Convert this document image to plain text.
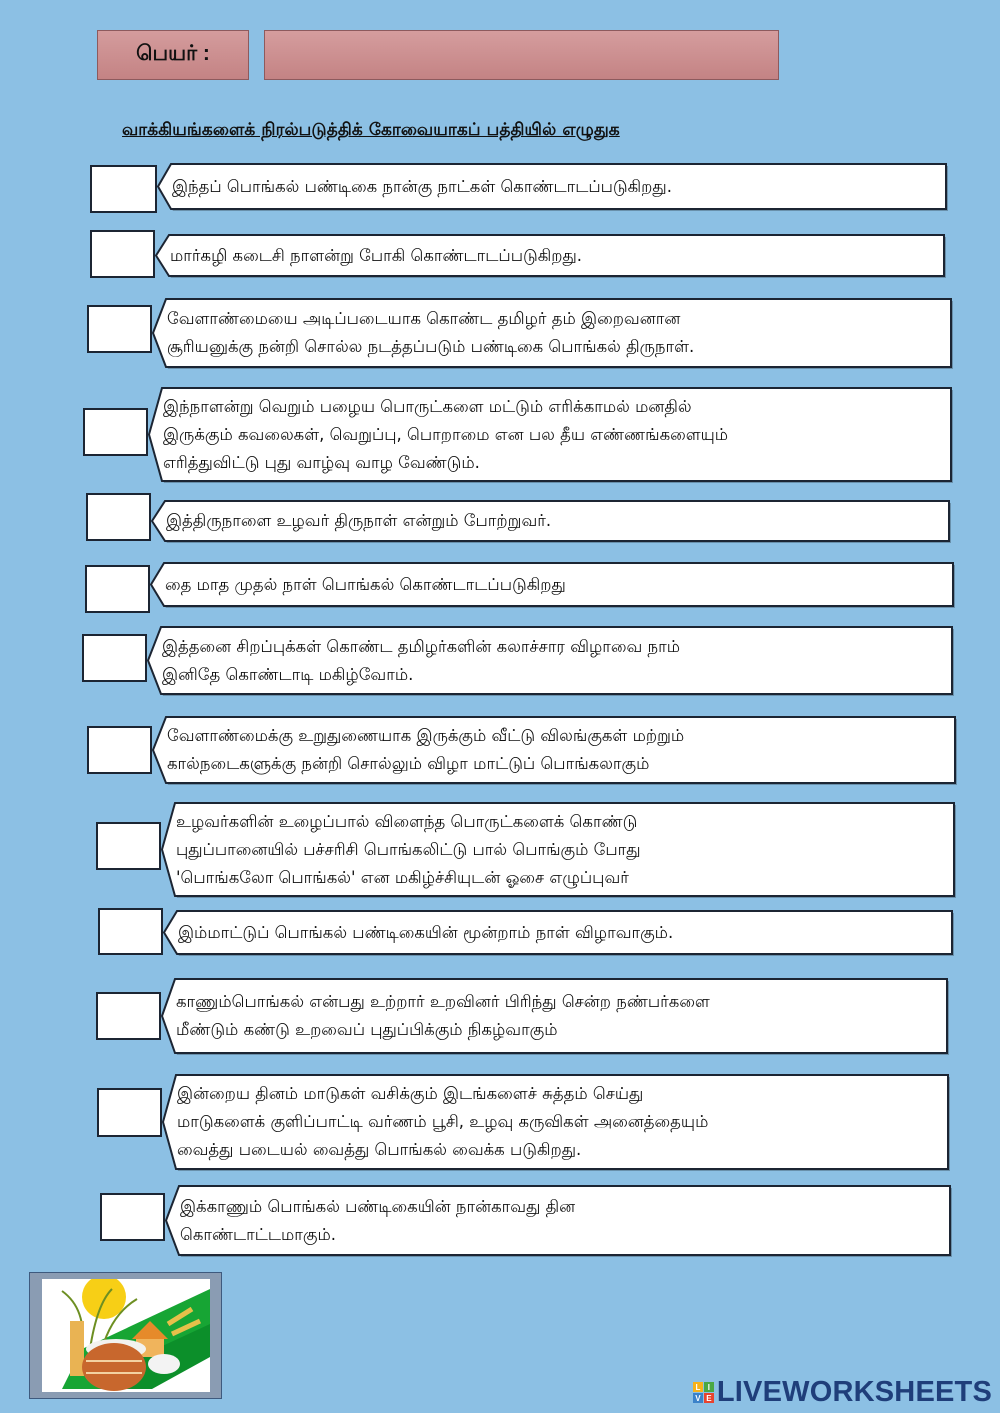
பெயர் :
வாக்கியங்களைக் நிரல்படுத்திக் கோவையாகப் பத்தியில் எழுதுக
இந்தப் பொங்கல் பண்டிகை நான்கு நாட்கள் கொண்டாடப்படுகிறது.
மார்கழி கடைசி நாளன்று போகி கொண்டாடப்படுகிறது.
வேளாண்மையை அடிப்படையாக கொண்ட தமிழர் தம் இறைவனான
சூரியனுக்கு நன்றி சொல்ல நடத்தப்படும் பண்டிகை பொங்கல் திருநாள்.
இந்நாளன்று வெறும் பழைய பொருட்களை மட்டும் எரிக்காமல் மனதில்
இருக்கும் கவலைகள், வெறுப்பு, பொறாமை என பல தீய எண்ணங்களையும்
எரித்துவிட்டு புது வாழ்வு வாழ வேண்டும்.
இத்திருநாளை உழவர் திருநாள் என்றும் போற்றுவர்.
தை மாத முதல் நாள் பொங்கல் கொண்டாடப்படுகிறது
இத்தனை சிறப்புக்கள் கொண்ட தமிழர்களின் கலாச்சார விழாவை நாம்
இனிதே கொண்டாடி மகிழ்வோம்.
வேளாண்மைக்கு உறுதுணையாக இருக்கும் வீட்டு விலங்குகள் மற்றும்
கால்நடைகளுக்கு நன்றி சொல்லும் விழா மாட்டுப் பொங்கலாகும்
உழவர்களின் உழைப்பால் விளைந்த பொருட்களைக் கொண்டு
புதுப்பானையில் பச்சரிசி பொங்கலிட்டு பால் பொங்கும் போது
'பொங்கலோ பொங்கல்' என மகிழ்ச்சியுடன் ஓசை எழுப்புவர்
இம்மாட்டுப் பொங்கல் பண்டிகையின் மூன்றாம் நாள் விழாவாகும்.
காணும்பொங்கல் என்பது உற்றார் உறவினர் பிரிந்து சென்ற நண்பர்களை
மீண்டும் கண்டு உறவைப் புதுப்பிக்கும் நிகழ்வாகும்
இன்றைய தினம் மாடுகள் வசிக்கும் இடங்களைச் சுத்தம் செய்து
மாடுகளைக் குளிப்பாட்டி வர்ணம் பூசி, உழவு கருவிகள் அனைத்தையும்
வைத்து படையல் வைத்து பொங்கல் வைக்க படுகிறது.
இக்காணும் பொங்கல் பண்டிகையின் நான்காவது தின
கொண்டாட்டமாகும்.
L I
V E LIVEWORKSHEETS
